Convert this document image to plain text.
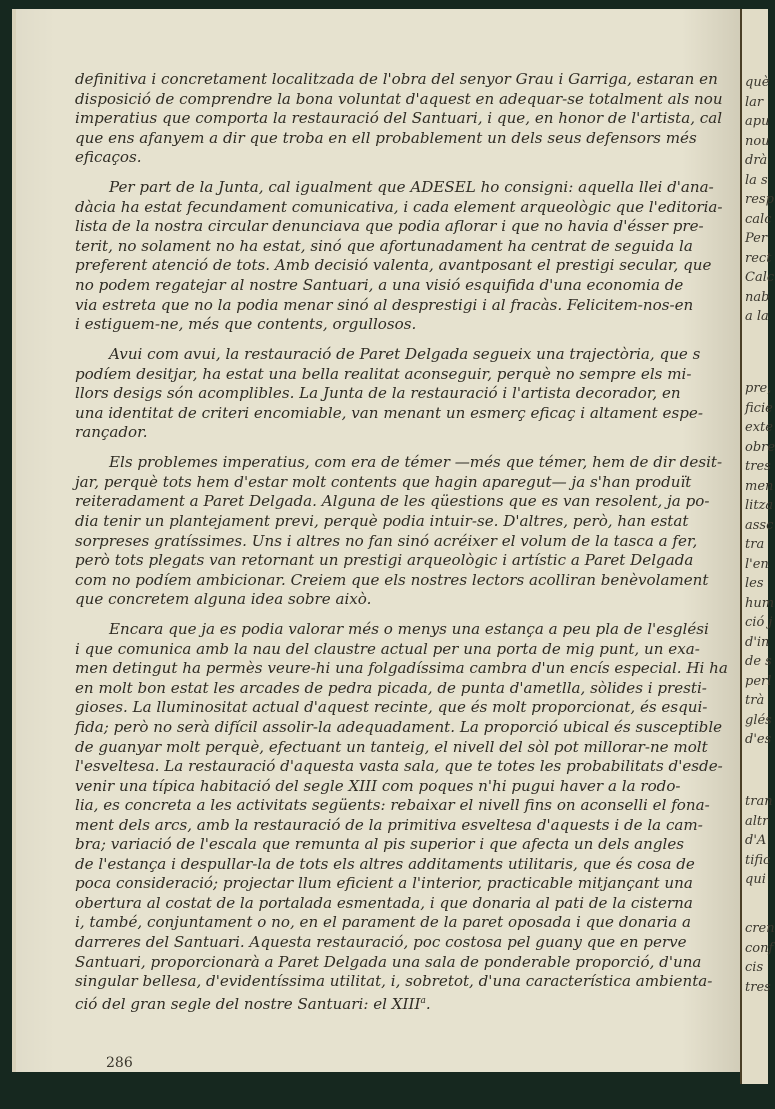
què
lar
apu
nou
drà
la s
resp
calc
Per
rect
Calc
nab
a la
pre,
ficie
exte
obre
tres
men
litza
assc
tra
l'en
les
hum
ció j
d'in
de s
perl
trà
glés
d'es
tran
altr
d'A
tific
qui
cren
conf
cis
tres
definitiva i concretament localitzada de l'obra del senyor Grau i Garriga, estaran en
disposició de comprendre la bona voluntat d'aquest en adequar-se totalment als nou
imperatius que comporta la restauració del Santuari, i que, en honor de l'artista, cal
que ens afanyem a dir que troba en ell probablement un dels seus defensors més
eficaços.
Per part de la Junta, cal igualment que ADESEL ho consigni: aquella llei d'ana-
dàcia ha estat fecundament comunicativa, i cada element arqueològic que l'editoria-
lista de la nostra circular denunciava que podia aflorar i que no havia d'ésser pre-
terit, no solament no ha estat, sinó que afortunadament ha centrat de seguida la
preferent atenció de tots. Amb decisió valenta, avantposant el prestigi secular, que
no podem regatejar al nostre Santuari, a una visió esquifida d'una economia de
via estreta que no la podia menar sinó al desprestigi i al fracàs. Felicitem-nos-en
i estiguem-ne, més que contents, orgullosos.
Avui com avui, la restauració de Paret Delgada segueix una trajectòria, que s
podíem desitjar, ha estat una bella realitat aconseguir, perquè no sempre els mi-
llors desigs són acomplibles. La Junta de la restauració i l'artista decorador, en
una identitat de criteri encomiable, van menant un esmerç eficaç i altament espe-
rançador.
Els problemes imperatius, com era de témer —més que témer, hem de dir desit-
jar, perquè tots hem d'estar molt contents que hagin aparegut— ja s'han produït
reiteradament a Paret Delgada. Alguna de les qüestions que es van resolent, ja po-
dia tenir un plantejament previ, perquè podia intuir-se. D'altres, però, han estat
sorpreses gratíssimes. Uns i altres no fan sinó acréixer el volum de la tasca a fer,
però tots plegats van retornant un prestigi arqueològic i artístic a Paret Delgada
com no podíem ambicionar. Creiem que els nostres lectors acolliran benèvolament
que concretem alguna idea sobre això.
Encara que ja es podia valorar més o menys una estança a peu pla de l'esglési
i que comunica amb la nau del claustre actual per una porta de mig punt, un exa-
men detingut ha permès veure-hi una folgadíssima cambra d'un encís especial. Hi ha
en molt bon estat les arcades de pedra picada, de punta d'ametlla, sòlides i presti-
gioses. La lluminositat actual d'aquest recinte, que és molt proporcionat, és esqui-
fida; però no serà difícil assolir-la adequadament. La proporció ubical és susceptible
de guanyar molt perquè, efectuant un tanteig, el nivell del sòl pot millorar-ne molt
l'esveltesa. La restauració d'aquesta vasta sala, que te totes les probabilitats d'esde-
venir una típica habitació del segle XIII com poques n'hi pugui haver a la rodo-
lia, es concreta a les activitats següents: rebaixar el nivell fins on aconselli el fona-
ment dels arcs, amb la restauració de la primitiva esveltesa d'aquests i de la cam-
bra; variació de l'escala que remunta al pis superior i que afecta un dels angles
de l'estança i despullar-la de tots els altres additaments utilitaris, que és cosa de
poca consideració; projectar llum eficient a l'interior, practicable mitjançant una
obertura al costat de la portalada esmentada, i que donaria al pati de la cisterna
i, també, conjuntament o no, en el parament de la paret oposada i que donaria a
darreres del Santuari. Aquesta restauració, poc costosa pel guany que en perve
Santuari, proporcionarà a Paret Delgada una sala de ponderable proporció, d'una
singular bellesa, d'evidentíssima utilitat, i, sobretot, d'una característica ambienta-
ció del gran segle del nostre Santuari: el XIII$^a$.
286
